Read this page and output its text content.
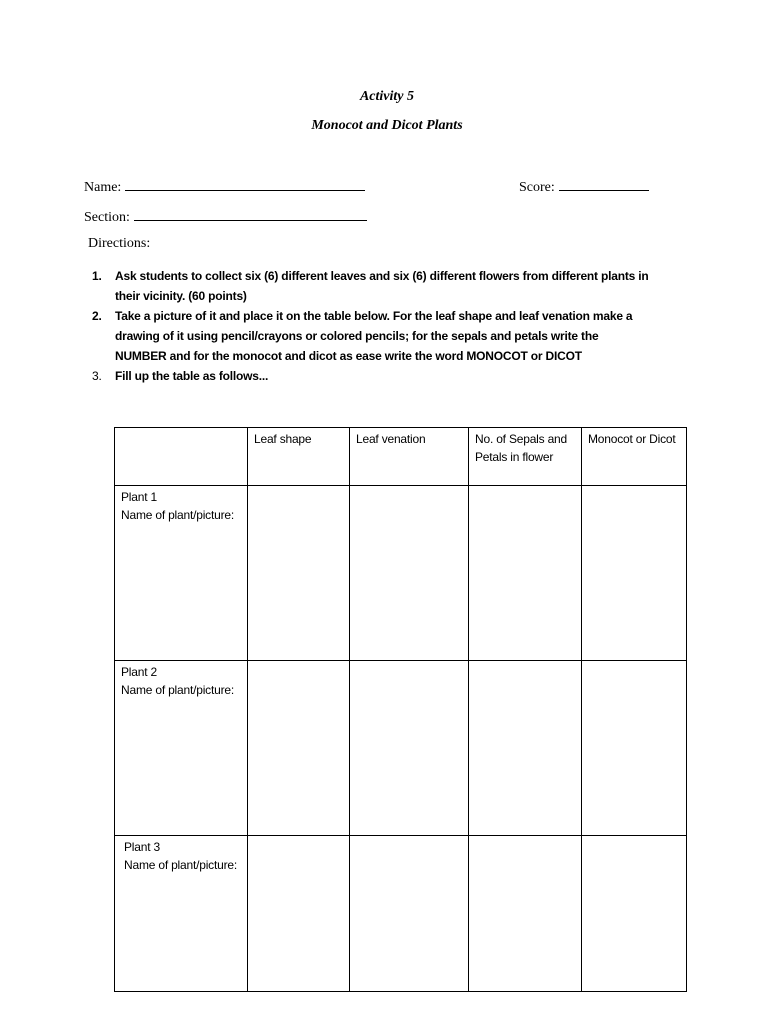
Activity 5
Monocot and Dicot Plants
Name:	Score:
Section:
Directions:
1. Ask students to collect six (6) different leaves and six (6) different flowers from different plants in their vicinity. (60 points)
2. Take a picture of it and place it on the table below. For the leaf shape and leaf venation make a drawing of it using pencil/crayons or colored pencils; for the sepals and petals write the NUMBER and for the monocot and dicot as ease write the word MONOCOT or DICOT
3. Fill up the table as follows...
	Leaf shape	Leaf venation	No. of Sepals and Petals in flower	Monocot or Dicot

Plant 1
Name of plant/picture:				

Plant 2
Name of plant/picture:				

Plant 3
Name of plant/picture:				
